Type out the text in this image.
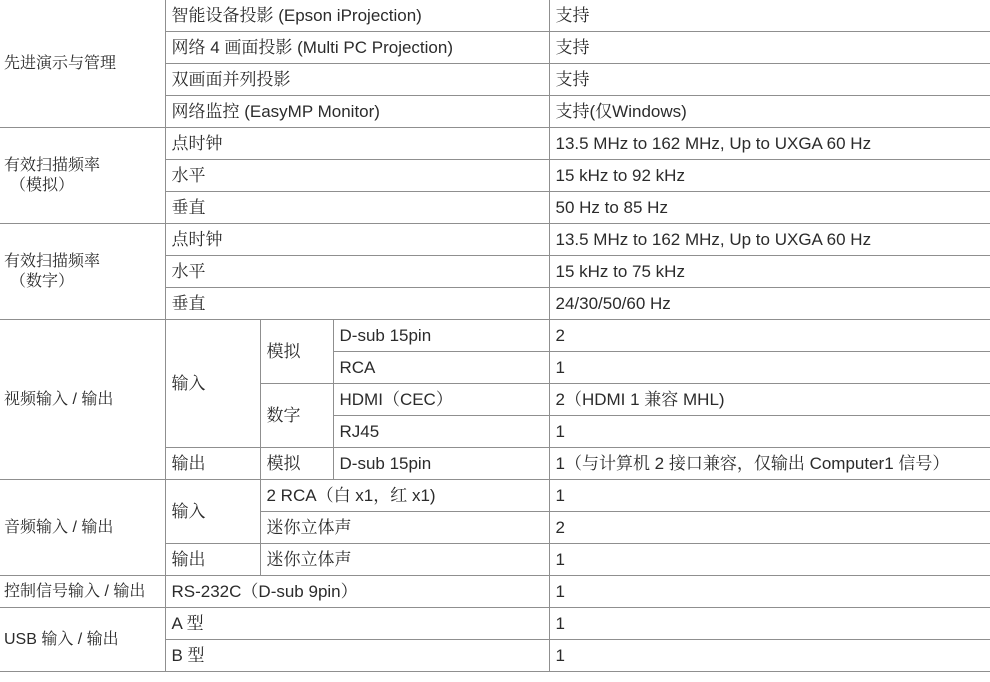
先进演示与管理	智能设备投影 (Epson iProjection)			支持
	网络 4 画面投影 (Multi PC Projection)			支持
	双画面并列投影			支持
	网络监控 (EasyMP Monitor)			支持(仅Windows)

有效扫描频率
（模拟）	点时钟			13.5 MHz to 162 MHz, Up to UXGA 60 Hz
	水平			15 kHz to 92 kHz
	垂直			50 Hz to 85 Hz

有效扫描频率
（数字）	点时钟			13.5 MHz to 162 MHz, Up to UXGA 60 Hz
	水平			15 kHz to 75 kHz
	垂直			24/30/50/60 Hz
视频输入 / 输出	输入	模拟	D-sub 15pin	2
			RCA	1
		数字	HDMI（CEC）	2（HDMI 1 兼容 MHL)
			RJ45	1
	输出	模拟	D-sub 15pin	1（与计算机 2 接口兼容，仅输出 Computer1 信号）
音频输入 / 输出	输入	2 RCA（白 x1，红 x1)		1
		迷你立体声		2
	输出	迷你立体声		1
控制信号输入 / 输出	RS-232C（D-sub 9pin）			1
USB 输入 / 输出	A 型			1
	B 型			1
